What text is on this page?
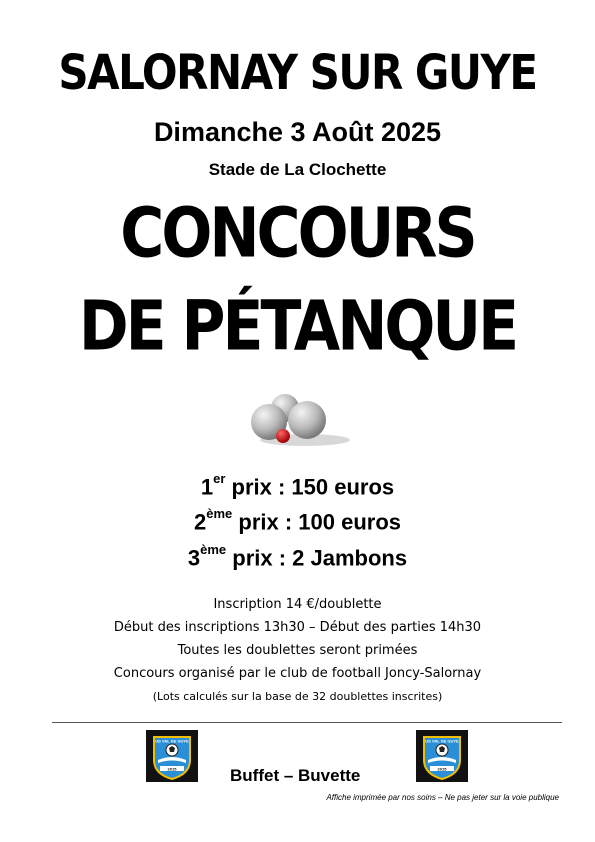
SALORNAY SUR GUYE
Dimanche 3 Août 2025
Stade de La Clochette
CONCOURS
DE PÉTANQUE
1er prix : 150 euros
2ème prix : 100 euros
3ème prix : 2 Jambons
Inscription 14 €/doublette
Début des inscriptions 13h30 – Début des parties 14h30
Toutes les doublettes seront primées
Concours organisé par le club de football Joncy-Salornay
(Lots calculés sur la base de 32 doublettes inscrites)
US VAL DE GUYE
2015
US VAL DE GUYE
2015
Buffet – Buvette
Affiche imprimée par nos soins – Ne pas jeter sur la voie publique
